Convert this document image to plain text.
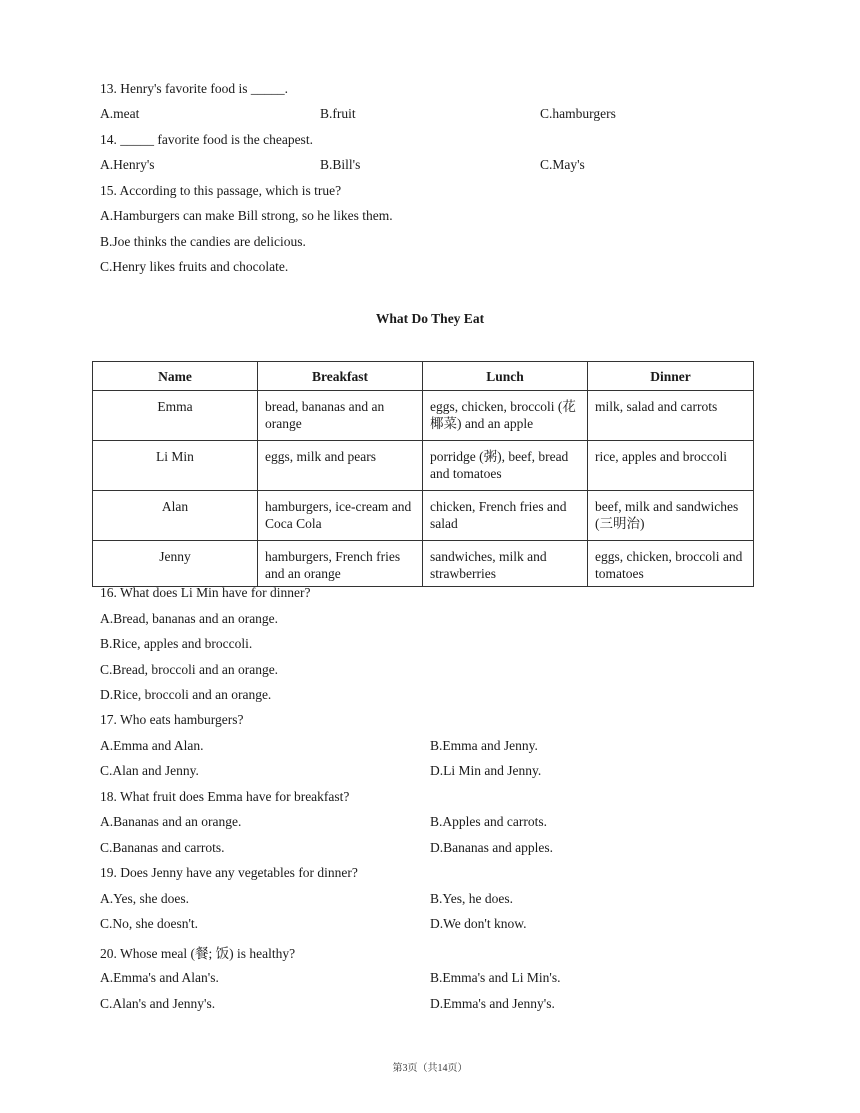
13. Henry's favorite food is _____.
A.meat	B.fruit	C.hamburgers
14. _____ favorite food is the cheapest.
A.Henry's	B.Bill's	C.May's
15. According to this passage, which is true?
A.Hamburgers can make Bill strong, so he likes them.
B.Joe thinks the candies are delicious.
C.Henry likes fruits and chocolate.
What Do They Eat
Name	Breakfast	Lunch	Dinner
Emma	bread, bananas and an orange	eggs, chicken, broccoli (花椰菜) and an apple	milk, salad and carrots
Li Min	eggs, milk and pears	porridge (粥), beef, bread and tomatoes	rice, apples and broccoli
Alan	hamburgers, ice-cream and Coca Cola	chicken, French fries and salad	beef, milk and sandwiches (三明治)
Jenny	hamburgers, French fries and an orange	sandwiches, milk and strawberries	eggs, chicken, broccoli and tomatoes
16. What does Li Min have for dinner?
A.Bread, bananas and an orange.
B.Rice, apples and broccoli.
C.Bread, broccoli and an orange.
D.Rice, broccoli and an orange.
17. Who eats hamburgers?
A.Emma and Alan.	B.Emma and Jenny.
C.Alan and Jenny.	D.Li Min and Jenny.
18. What fruit does Emma have for breakfast?
A.Bananas and an orange.	B.Apples and carrots.
C.Bananas and carrots.	D.Bananas and apples.
19. Does Jenny have any vegetables for dinner?
A.Yes, she does.	B.Yes, he does.
C.No, she doesn't.	D.We don't know.
20. Whose meal (餐; 饭) is healthy?
A.Emma's and Alan's.	B.Emma's and Li Min's.
C.Alan's and Jenny's.	D.Emma's and Jenny's.
第3页（共14页）
